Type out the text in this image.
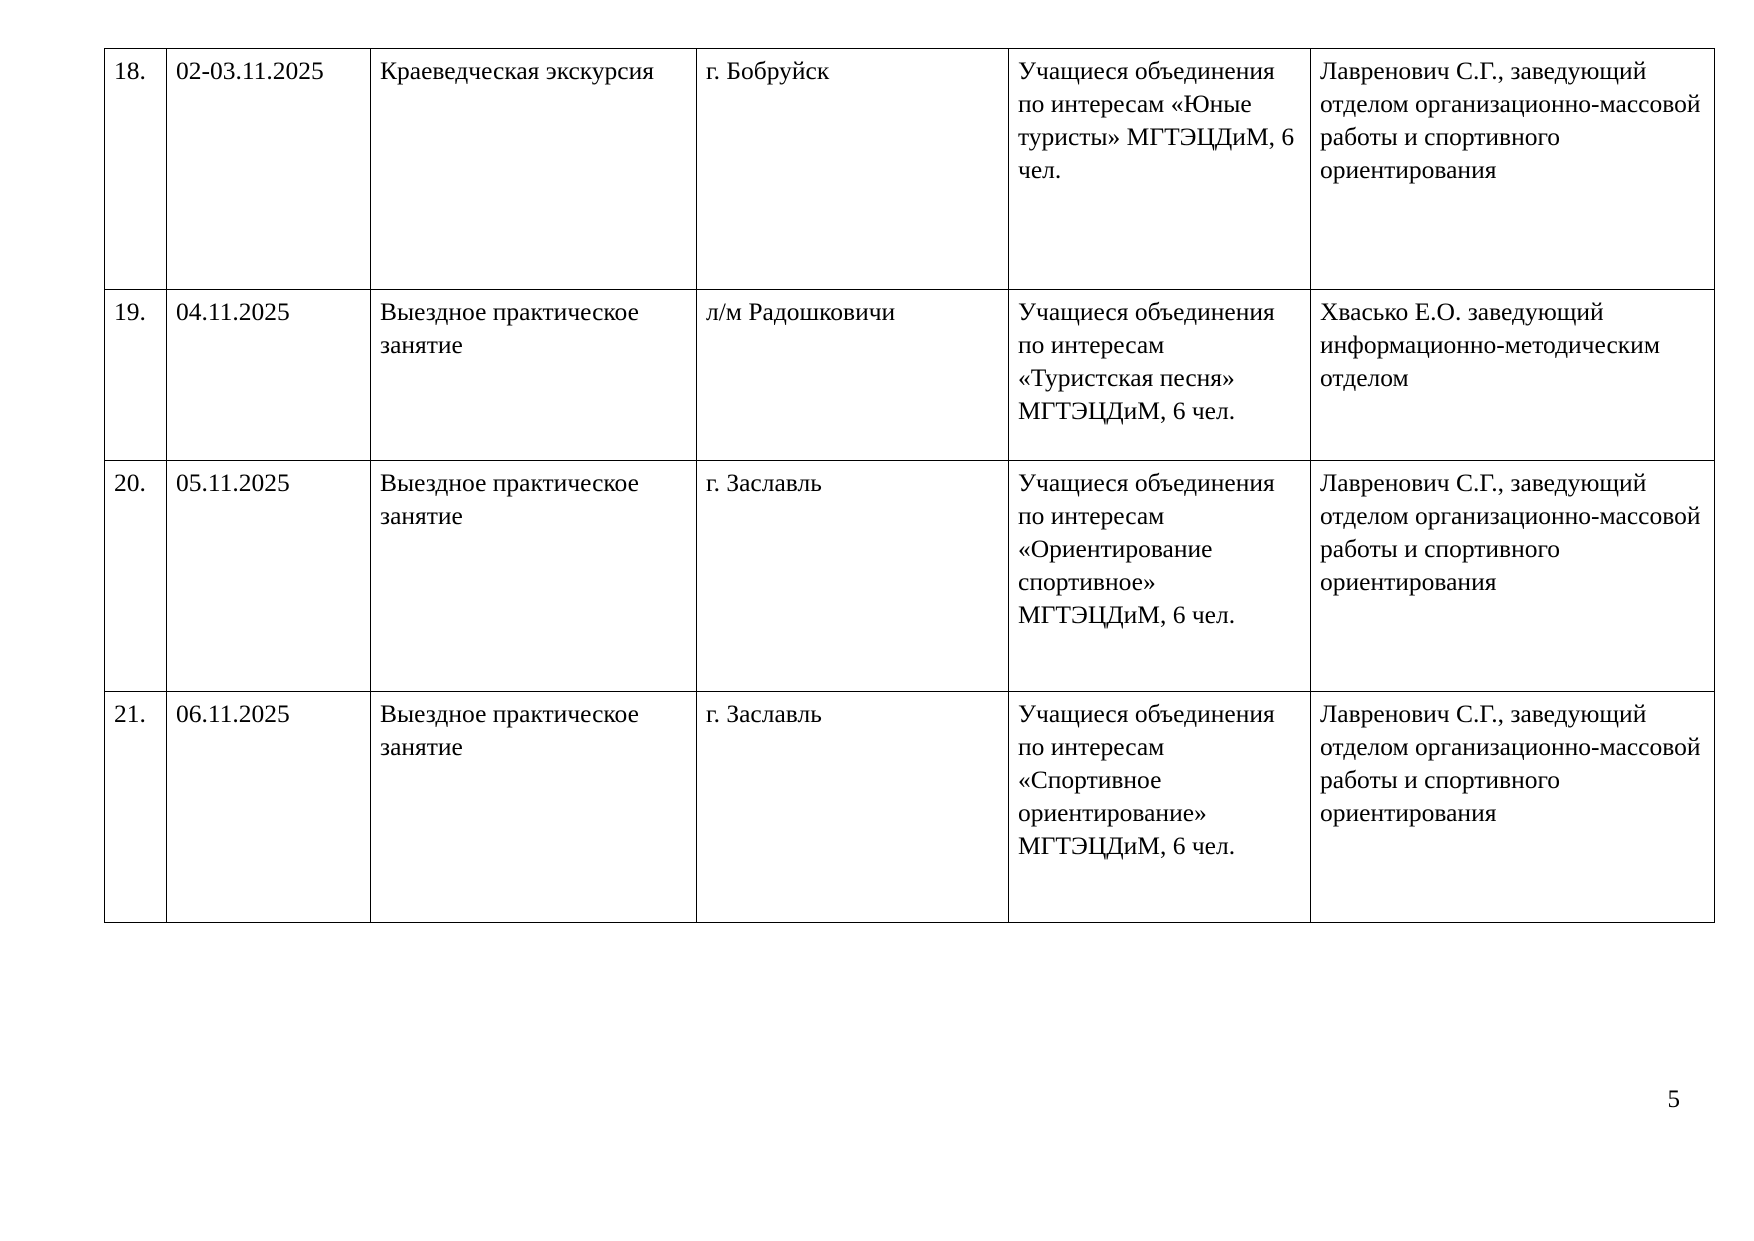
18.	02-03.11.2025	Краеведческая экскурсия	г. Бобруйск	Учащиеся объединения по интересам «Юные туристы» МГТЭЦДиМ, 6 чел.	Лавренович С.Г., заведующий отделом организационно-массовой работы и спортивного ориентирования
19.	04.11.2025	Выездное практическое занятие	л/м Радошковичи	Учащиеся объединения по интересам «Туристская песня» МГТЭЦДиМ, 6 чел.	Хвасько Е.О. заведующий информационно-методическим отделом
20.	05.11.2025	Выездное практическое занятие	г. Заславль	Учащиеся объединения по интересам «Ориентирование спортивное» МГТЭЦДиМ, 6 чел.	Лавренович С.Г., заведующий отделом организационно-массовой работы и спортивного ориентирования
21.	06.11.2025	Выездное практическое занятие	г. Заславль	Учащиеся объединения по интересам «Спортивное ориентирование» МГТЭЦДиМ, 6 чел.	Лавренович С.Г., заведующий отделом организационно-массовой работы и спортивного ориентирования
5
